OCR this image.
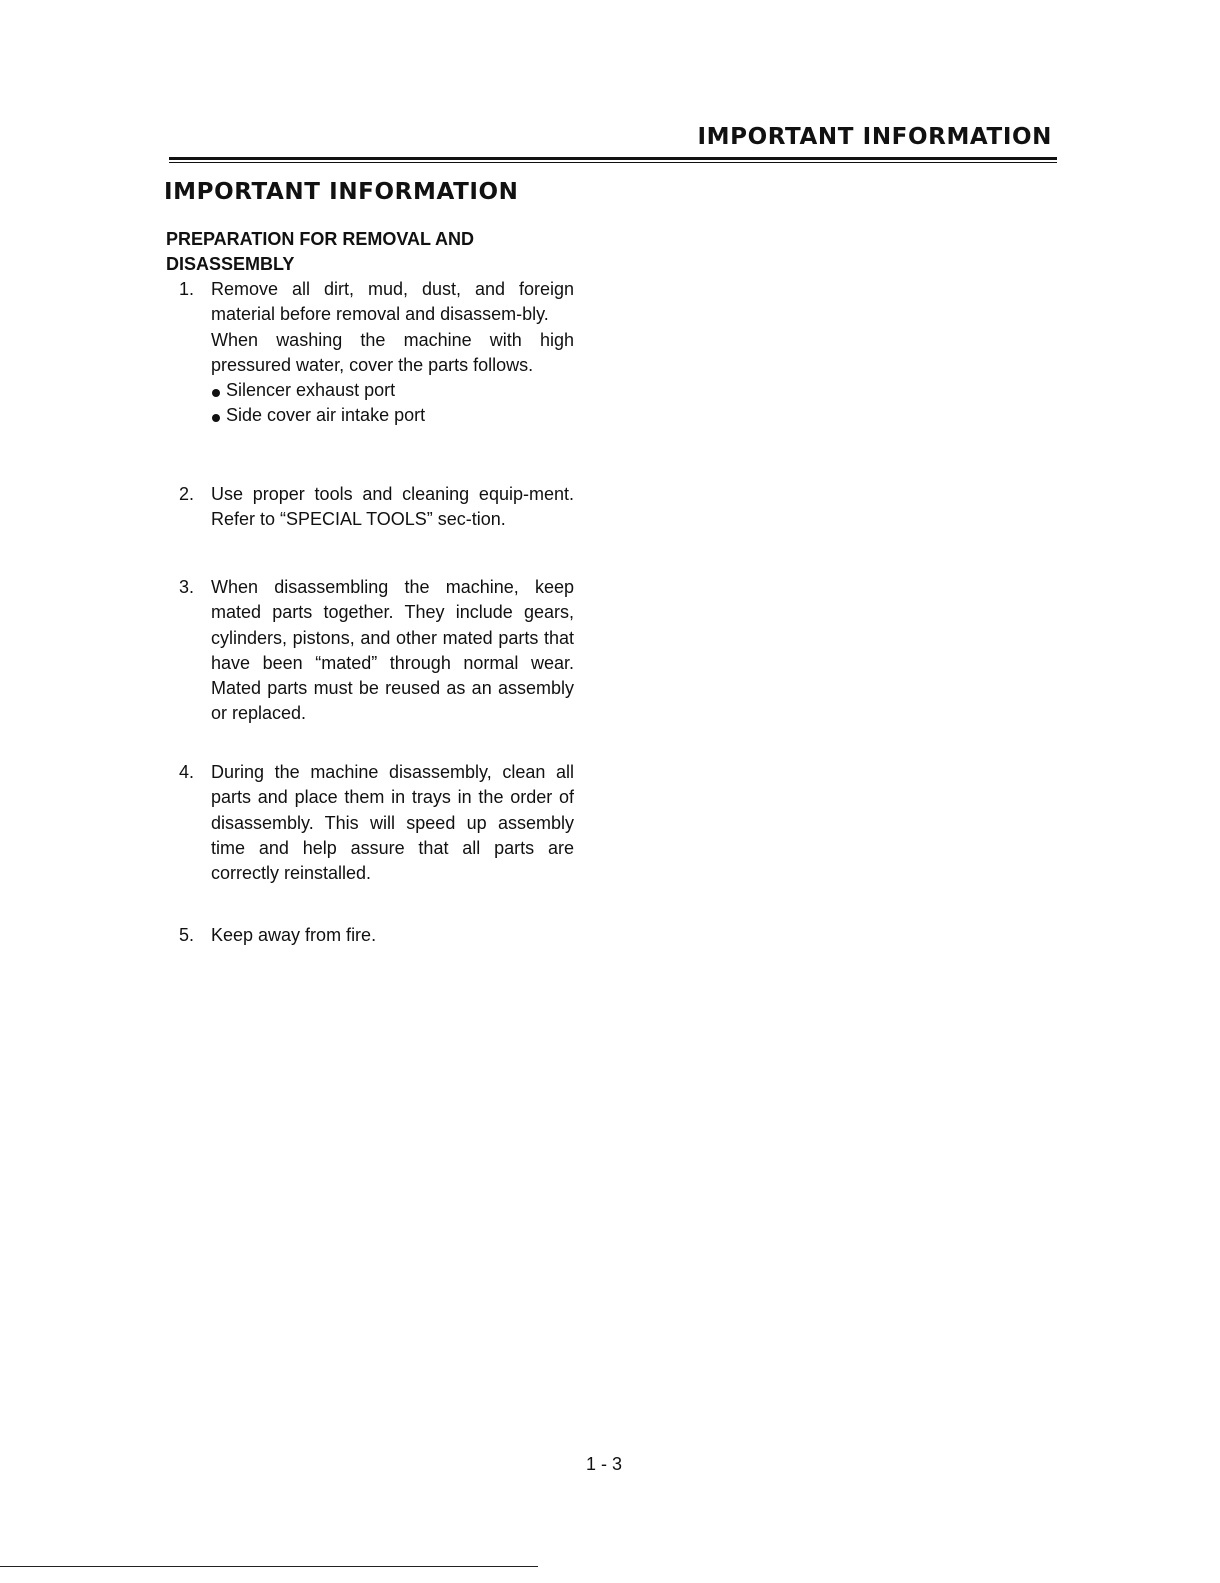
IMPORTANT INFORMATION
IMPORTANT INFORMATION
PREPARATION FOR REMOVAL AND DISASSEMBLY
1. Remove all dirt, mud, dust, and foreign material before removal and disassem-bly.

When washing the machine with high pressured water, cover the parts follows.

Silencer exhaust port
Side cover air intake port
2. Use proper tools and cleaning equip-ment. Refer to “SPECIAL TOOLS” sec-tion.

3. When disassembling the machine, keep mated parts together. They include gears, cylinders, pistons, and other mated parts that have been “mated” through normal wear. Mated parts must be reused as an assembly or replaced.

4. During the machine disassembly, clean all parts and place them in trays in the order of disassembly. This will speed up assembly time and help assure that all parts are correctly reinstalled.

5. Keep away from fire.

1 - 3
